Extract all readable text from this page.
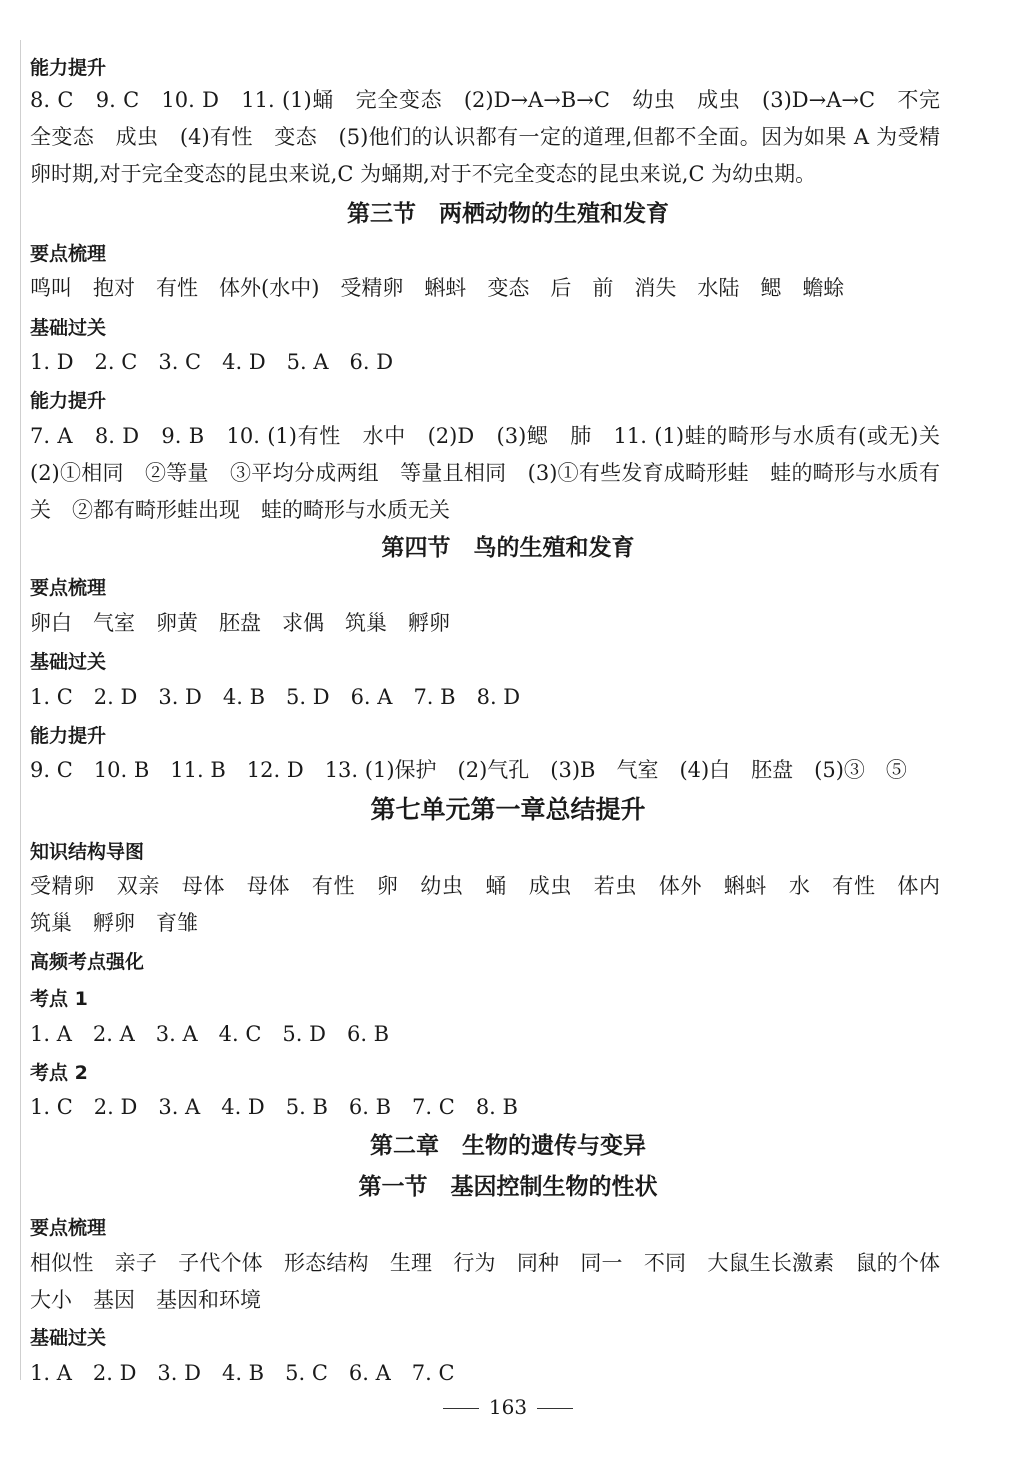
能力提升
8. C　9. C　10. D　11. (1)蛹　完全变态　(2)D→A→B→C　幼虫　成虫　(3)D→A→C　不完全变态　成虫　(4)有性　变态　(5)他们的认识都有一定的道理,但都不全面。因为如果 A 为受精卵时期,对于完全变态的昆虫来说,C 为蛹期,对于不完全变态的昆虫来说,C 为幼虫期。
第三节　两栖动物的生殖和发育
要点梳理
鸣叫　抱对　有性　体外(水中)　受精卵　蝌蚪　变态　后　前　消失　水陆　鳃　蟾蜍
基础过关
1. D　2. C　3. C　4. D　5. A　6. D
能力提升
7. A　8. D　9. B　10. (1)有性　水中　(2)D　(3)鳃　肺　11. (1)蛙的畸形与水质有(或无)关　(2)①相同　②等量　③平均分成两组　等量且相同　(3)①有些发育成畸形蛙　蛙的畸形与水质有关　②都有畸形蛙出现　蛙的畸形与水质无关
第四节　鸟的生殖和发育
要点梳理
卵白　气室　卵黄　胚盘　求偶　筑巢　孵卵
基础过关
1. C　2. D　3. D　4. B　5. D　6. A　7. B　8. D
能力提升
9. C　10. B　11. B　12. D　13. (1)保护　(2)气孔　(3)B　气室　(4)白　胚盘　(5)③　⑤
第七单元第一章总结提升
知识结构导图
受精卵　双亲　母体　母体　有性　卵　幼虫　蛹　成虫　若虫　体外　蝌蚪　水　有性　体内　筑巢　孵卵　育雏
高频考点强化
考点 1
1. A　2. A　3. A　4. C　5. D　6. B
考点 2
1. C　2. D　3. A　4. D　5. B　6. B　7. C　8. B
第二章　生物的遗传与变异
第一节　基因控制生物的性状
要点梳理
相似性　亲子　子代个体　形态结构　生理　行为　同种　同一　不同　大鼠生长激素　鼠的个体大小　基因　基因和环境
基础过关
1. A　2. D　3. D　4. B　5. C　6. A　7. C
163
